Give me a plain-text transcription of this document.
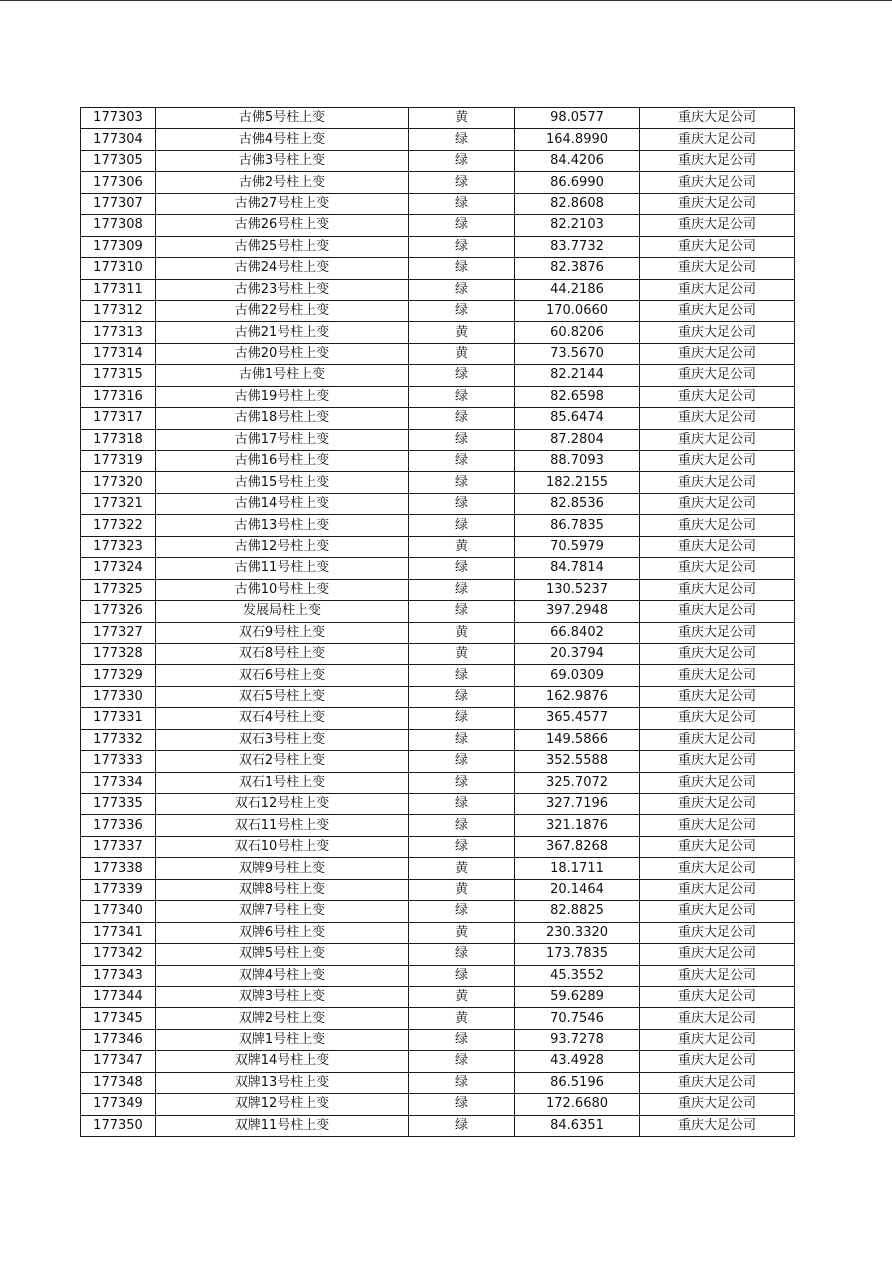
177303	古佛5号柱上变	黄	98.0577	重庆大足公司
177304	古佛4号柱上变	绿	164.8990	重庆大足公司
177305	古佛3号柱上变	绿	84.4206	重庆大足公司
177306	古佛2号柱上变	绿	86.6990	重庆大足公司
177307	古佛27号柱上变	绿	82.8608	重庆大足公司
177308	古佛26号柱上变	绿	82.2103	重庆大足公司
177309	古佛25号柱上变	绿	83.7732	重庆大足公司
177310	古佛24号柱上变	绿	82.3876	重庆大足公司
177311	古佛23号柱上变	绿	44.2186	重庆大足公司
177312	古佛22号柱上变	绿	170.0660	重庆大足公司
177313	古佛21号柱上变	黄	60.8206	重庆大足公司
177314	古佛20号柱上变	黄	73.5670	重庆大足公司
177315	古佛1号柱上变	绿	82.2144	重庆大足公司
177316	古佛19号柱上变	绿	82.6598	重庆大足公司
177317	古佛18号柱上变	绿	85.6474	重庆大足公司
177318	古佛17号柱上变	绿	87.2804	重庆大足公司
177319	古佛16号柱上变	绿	88.7093	重庆大足公司
177320	古佛15号柱上变	绿	182.2155	重庆大足公司
177321	古佛14号柱上变	绿	82.8536	重庆大足公司
177322	古佛13号柱上变	绿	86.7835	重庆大足公司
177323	古佛12号柱上变	黄	70.5979	重庆大足公司
177324	古佛11号柱上变	绿	84.7814	重庆大足公司
177325	古佛10号柱上变	绿	130.5237	重庆大足公司
177326	发展局柱上变	绿	397.2948	重庆大足公司
177327	双石9号柱上变	黄	66.8402	重庆大足公司
177328	双石8号柱上变	黄	20.3794	重庆大足公司
177329	双石6号柱上变	绿	69.0309	重庆大足公司
177330	双石5号柱上变	绿	162.9876	重庆大足公司
177331	双石4号柱上变	绿	365.4577	重庆大足公司
177332	双石3号柱上变	绿	149.5866	重庆大足公司
177333	双石2号柱上变	绿	352.5588	重庆大足公司
177334	双石1号柱上变	绿	325.7072	重庆大足公司
177335	双石12号柱上变	绿	327.7196	重庆大足公司
177336	双石11号柱上变	绿	321.1876	重庆大足公司
177337	双石10号柱上变	绿	367.8268	重庆大足公司
177338	双牌9号柱上变	黄	18.1711	重庆大足公司
177339	双牌8号柱上变	黄	20.1464	重庆大足公司
177340	双牌7号柱上变	绿	82.8825	重庆大足公司
177341	双牌6号柱上变	黄	230.3320	重庆大足公司
177342	双牌5号柱上变	绿	173.7835	重庆大足公司
177343	双牌4号柱上变	绿	45.3552	重庆大足公司
177344	双牌3号柱上变	黄	59.6289	重庆大足公司
177345	双牌2号柱上变	黄	70.7546	重庆大足公司
177346	双牌1号柱上变	绿	93.7278	重庆大足公司
177347	双牌14号柱上变	绿	43.4928	重庆大足公司
177348	双牌13号柱上变	绿	86.5196	重庆大足公司
177349	双牌12号柱上变	绿	172.6680	重庆大足公司
177350	双牌11号柱上变	绿	84.6351	重庆大足公司
